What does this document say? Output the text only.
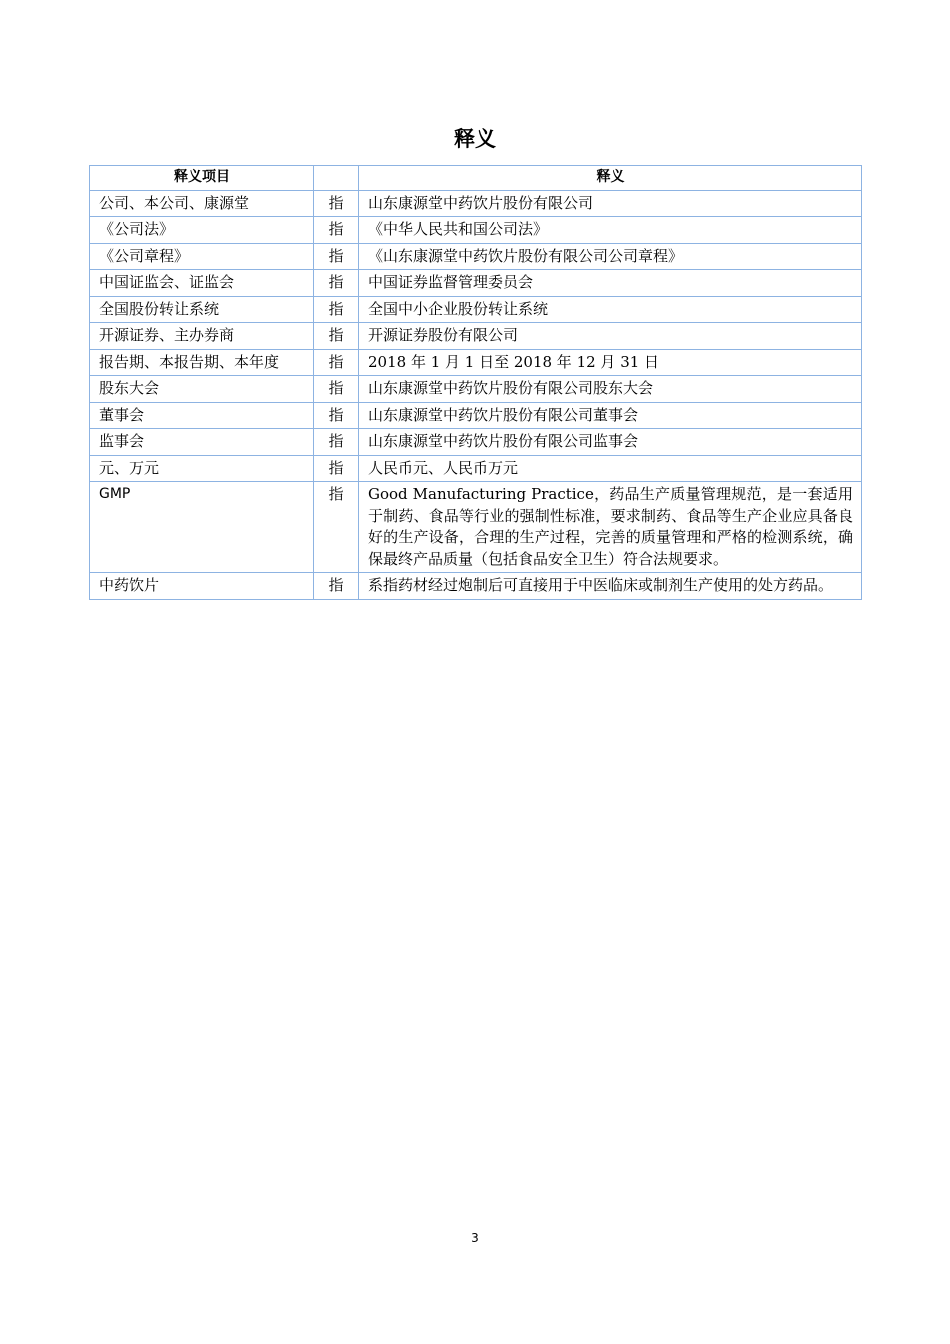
释义
释义项目		释义
公司、本公司、康源堂	指	山东康源堂中药饮片股份有限公司
《公司法》	指	《中华人民共和国公司法》
《公司章程》	指	《山东康源堂中药饮片股份有限公司公司章程》
中国证监会、证监会	指	中国证券监督管理委员会
全国股份转让系统	指	全国中小企业股份转让系统
开源证券、主办券商	指	开源证券股份有限公司
报告期、本报告期、本年度	指	2018 年 1 月 1 日至 2018 年 12 月 31 日
股东大会	指	山东康源堂中药饮片股份有限公司股东大会
董事会	指	山东康源堂中药饮片股份有限公司董事会
监事会	指	山东康源堂中药饮片股份有限公司监事会
元、万元	指	人民币元、人民币万元
GMP	指	Good Manufacturing Practice，药品生产质量管理规范，是一套适用于制药、食品等行业的强制性标准，要求制药、食品等生产企业应具备良好的生产设备，合理的生产过程，完善的质量管理和严格的检测系统，确保最终产品质量（包括食品安全卫生）符合法规要求。
中药饮片	指	系指药材经过炮制后可直接用于中医临床或制剂生产使用的处方药品。
3
